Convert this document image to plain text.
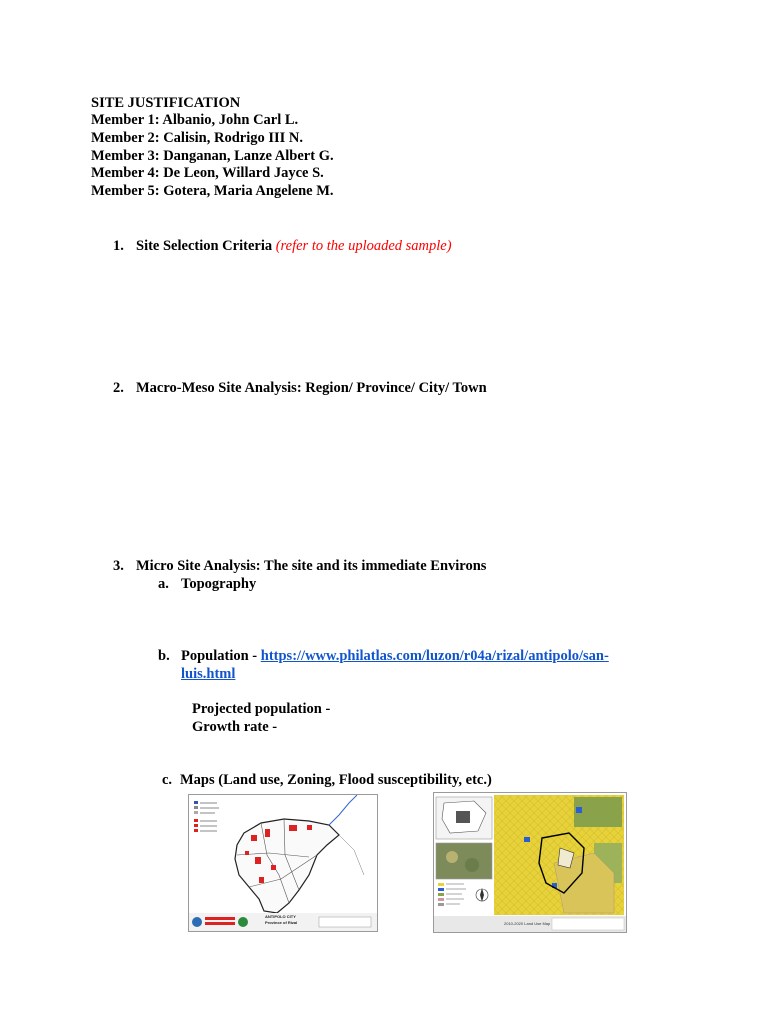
SITE JUSTIFICATION
Member 1: Albanio, John Carl L.
Member 2: Calisin, Rodrigo III N.
Member 3: Danganan, Lanze Albert G.
Member 4: De Leon, Willard Jayce S.
Member 5: Gotera, Maria Angelene M.
1. Site Selection Criteria (refer to the uploaded sample)
2. Macro-Meso Site Analysis: Region/ Province/ City/ Town
3. Micro Site Analysis: The site and its immediate Environs
a. Topography
b. Population - https://www.philatlas.com/luzon/r04a/rizal/antipolo/san-
luis.html
Projected population -
Growth rate -
c. Maps (Land use, Zoning, Flood susceptibility, etc.)
ANTIPOLO CITY
Province of Rizal	2010-2020 Land Use Map
